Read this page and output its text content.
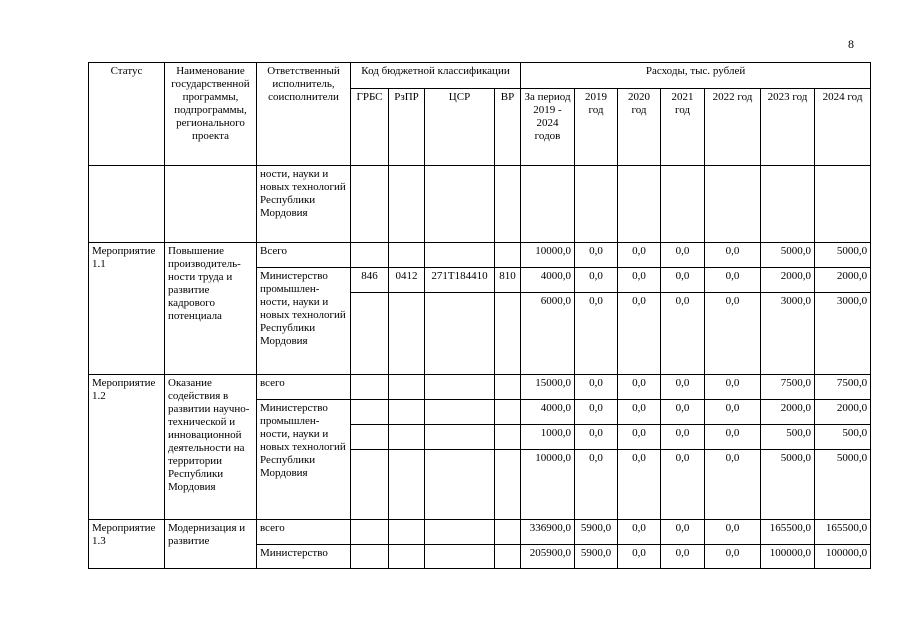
8
Статус	Наименование государственной программы, подпрограммы, регионального проекта	Ответственный исполнитель, соисполнители	Код бюджетной классификации				Расходы, тыс. рублей						
			ГРБС	РзПР	ЦСР	ВР	За период 2019 - 2024 годов	2019 год	2020 год	2021 год	2022 год	2023 год	2024 год
		ности, науки и новых технологий Республики Мордовия											
Мероприятие 1.1	Повышение производитель-ности труда и развитие кадрового потенциала	Всего					10000,0	0,0	0,0	0,0	0,0	5000,0	5000,0
		Министерство промышлен-ности, науки и новых технологий Республики Мордовия	846	0412	271Т184410	810	4000,0	0,0	0,0	0,0	0,0	2000,0	2000,0
							6000,0	0,0	0,0	0,0	0,0	3000,0	3000,0
Мероприятие 1.2	Оказание содействия в развитии научно-технической и инновационной деятельности на территории Республики Мордовия	всего					15000,0	0,0	0,0	0,0	0,0	7500,0	7500,0
		Министерство промышлен-ности, науки и новых технологий Республики Мордовия					4000,0	0,0	0,0	0,0	0,0	2000,0	2000,0
							1000,0	0,0	0,0	0,0	0,0	500,0	500,0
							10000,0	0,0	0,0	0,0	0,0	5000,0	5000,0
Мероприятие 1.3	Модернизация и развитие	всего					336900,0	5900,0	0,0	0,0	0,0	165500,0	165500,0
		Министерство					205900,0	5900,0	0,0	0,0	0,0	100000,0	100000,0
